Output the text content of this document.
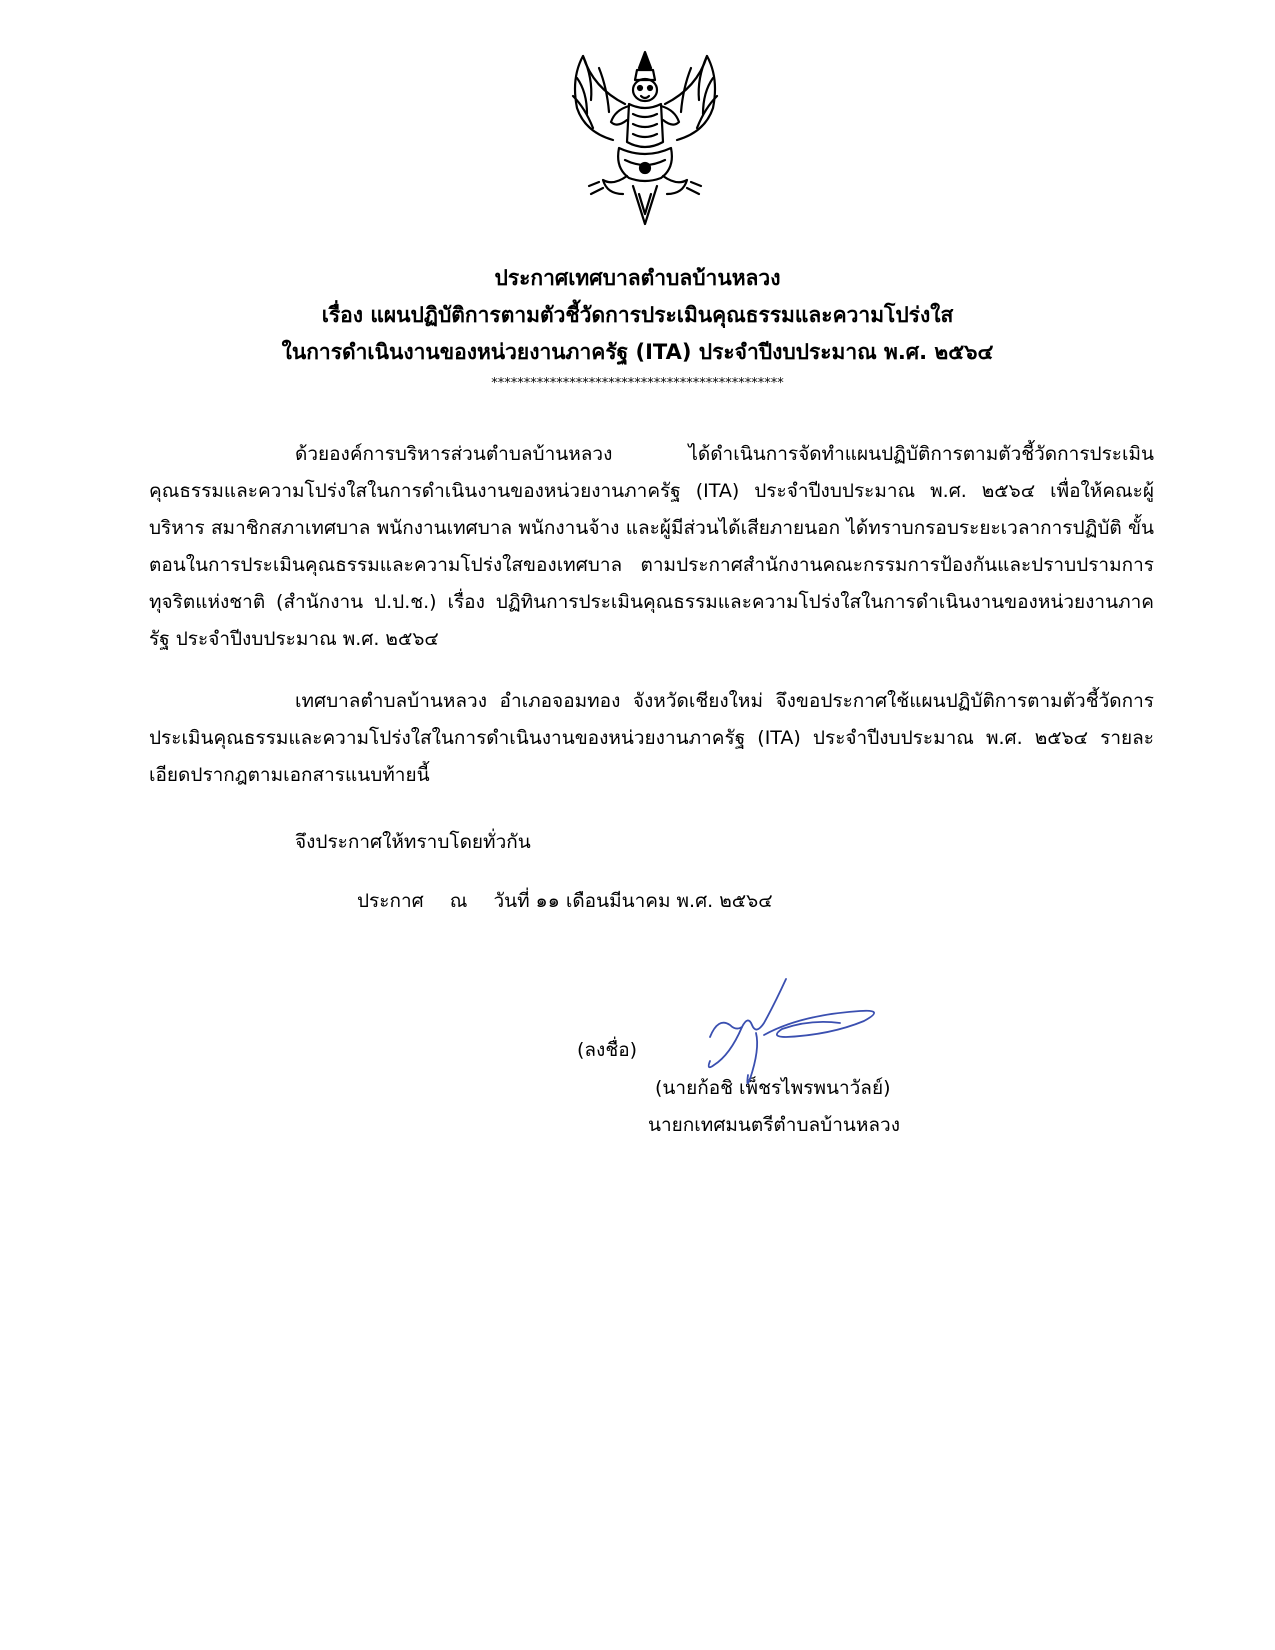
ประกาศเทศบาลตำบลบ้านหลวง
เรื่อง แผนปฏิบัติการตามตัวชี้วัดการประเมินคุณธรรมและความโปร่งใส
ในการดำเนินงานของหน่วยงานภาครัฐ (ITA) ประจำปีงบประมาณ พ.ศ. ๒๕๖๔
*********************************************

ด้วยองค์การบริหารส่วนตำบลบ้านหลวง ได้ดำเนินการจัดทำแผนปฏิบัติการตามตัวชี้วัดการประเมินคุณธรรมและความโปร่งใสในการดำเนินงานของหน่วยงานภาครัฐ (ITA) ประจำปีงบประมาณ พ.ศ. ๒๕๖๔ เพื่อให้คณะผู้บริหาร สมาชิกสภาเทศบาล พนักงานเทศบาล พนักงานจ้าง และผู้มีส่วนได้เสียภายนอก ได้ทราบกรอบระยะเวลาการปฏิบัติ ขั้นตอนในการประเมินคุณธรรมและความโปร่งใสของเทศบาล ตามประกาศสำนักงานคณะกรรมการป้องกันและปราบปรามการทุจริตแห่งชาติ (สำนักงาน ป.ป.ช.) เรื่อง ปฏิทินการประเมินคุณธรรมและความโปร่งใสในการดำเนินงานของหน่วยงานภาครัฐ ประจำปีงบประมาณ พ.ศ. ๒๕๖๔

เทศบาลตำบลบ้านหลวง อำเภอจอมทอง จังหวัดเชียงใหม่ จึงขอประกาศใช้แผนปฏิบัติการตามตัวชี้วัดการประเมินคุณธรรมและความโปร่งใสในการดำเนินงานของหน่วยงานภาครัฐ (ITA) ประจำปีงบประมาณ พ.ศ. ๒๕๖๔ รายละเอียดปรากฎตามเอกสารแนบท้ายนี้

จึงประกาศให้ทราบโดยทั่วกัน
ประกาศ ณ วันที่ ๑๑ เดือนมีนาคม พ.ศ. ๒๕๖๔
(ลงชื่อ)
(นายก้อชิ เพ็ชรไพรพนาวัลย์)
นายกเทศมนตรีตำบลบ้านหลวง
